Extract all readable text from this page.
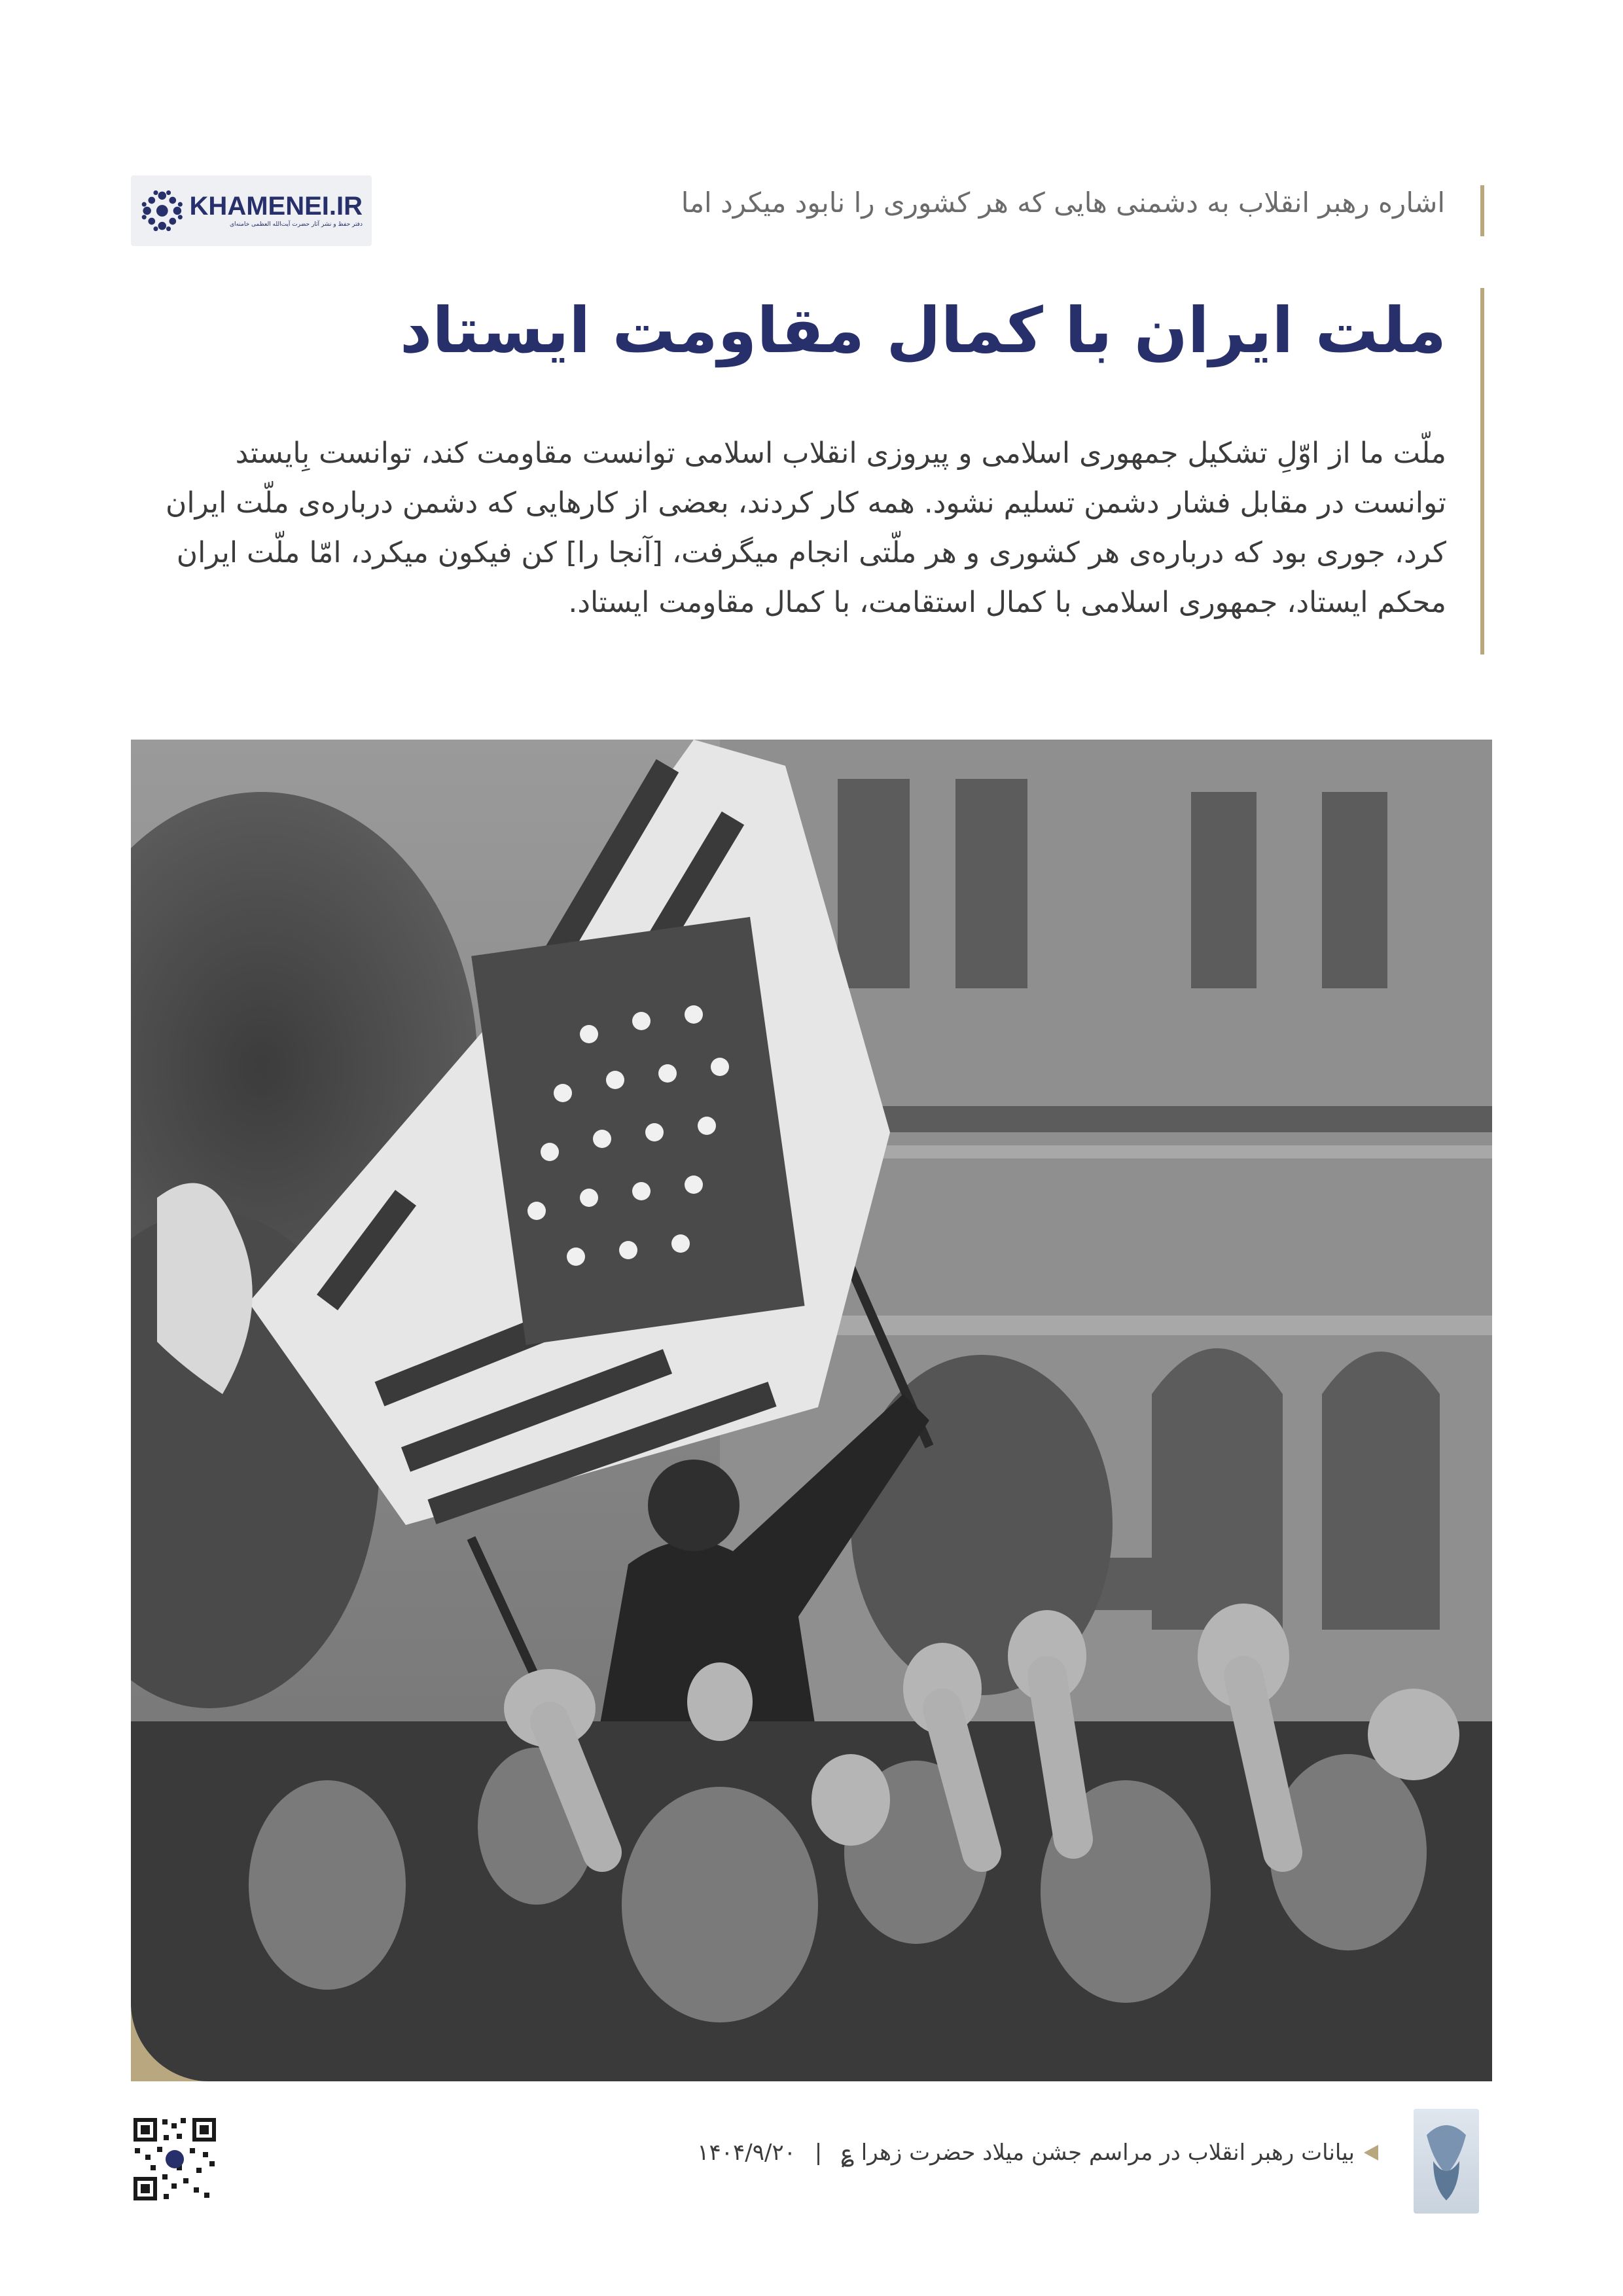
KHAMENEI.IR
دفتر حفظ و نشر آثار حضرت آیت‌الله العظمی خامنه‌ای
اشاره رهبر انقلاب به دشمنی هایی که هر کشوری را نابود میکرد اما
ملت ایران با کمال مقاومت ایستاد
ملّت ما از اوّلِ تشکیل جمهوری اسلامی و پیروزی انقلاب اسلامی توانست مقاومت کند، توانست بِایستد
توانست در مقابل فشار دشمن تسلیم نشود. همه کار کردند، بعضی از کارهایی که دشمن درباره‌ی ملّت ایران
کرد، جوری بود که درباره‌ی هر کشوری و هر ملّتی انجام میگرفت، [آنجا را] کن فیکون میکرد، امّا ملّت ایران
محکم ایستاد، جمهوری اسلامی با کمال استقامت، با کمال مقاومت ایستاد.
بیانات رهبر انقلاب در مراسم جشن میلاد حضرت زهرا ؏ | ۱۴۰۴/۹/۲۰
